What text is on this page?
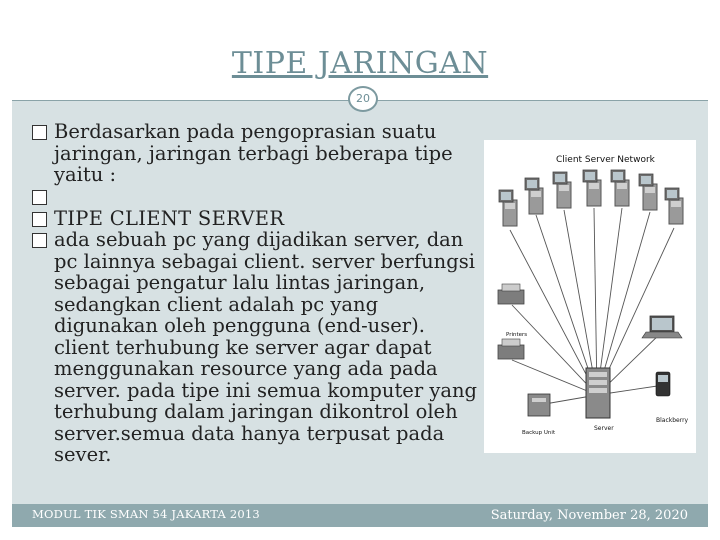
TIPE JARINGAN
20
Berdasarkan pada pengoprasian suatu jaringan, jaringan terbagi beberapa tipe yaitu :
TIPE CLIENT SERVER
ada sebuah pc yang dijadikan server, dan pc lainnya sebagai client. server berfungsi sebagai pengatur lalu lintas jaringan, sedangkan client adalah pc yang digunakan oleh pengguna (end-user). client terhubung ke server agar dapat menggunakan resource yang ada pada server. pada tipe ini semua komputer yang terhubung dalam jaringan dikontrol oleh server.semua data hanya terpusat pada sever.
Client Server Network
Printers
Blackberry
Server
Backup Unit
MODUL TIK SMAN 54 JAKARTA 2013	Saturday, November 28, 2020
